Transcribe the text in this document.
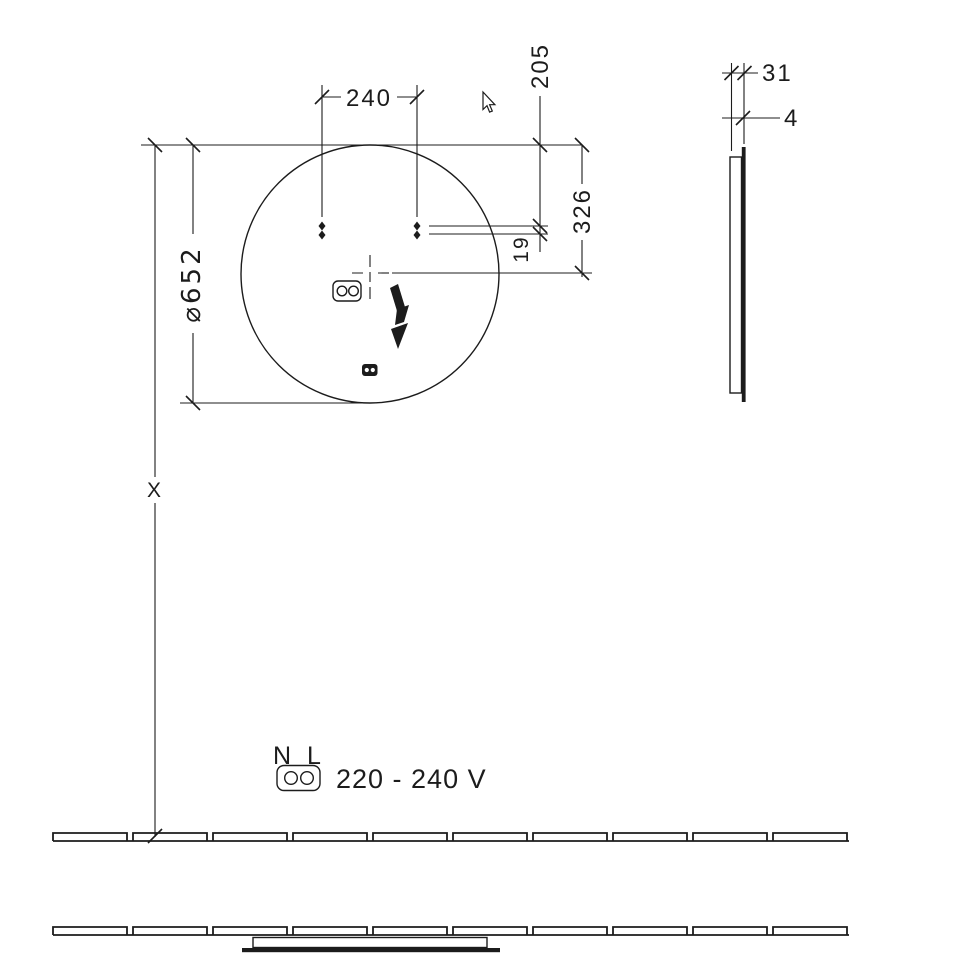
⌀652
X
240
205
19
326
31
4
N L
220 - 240 V
